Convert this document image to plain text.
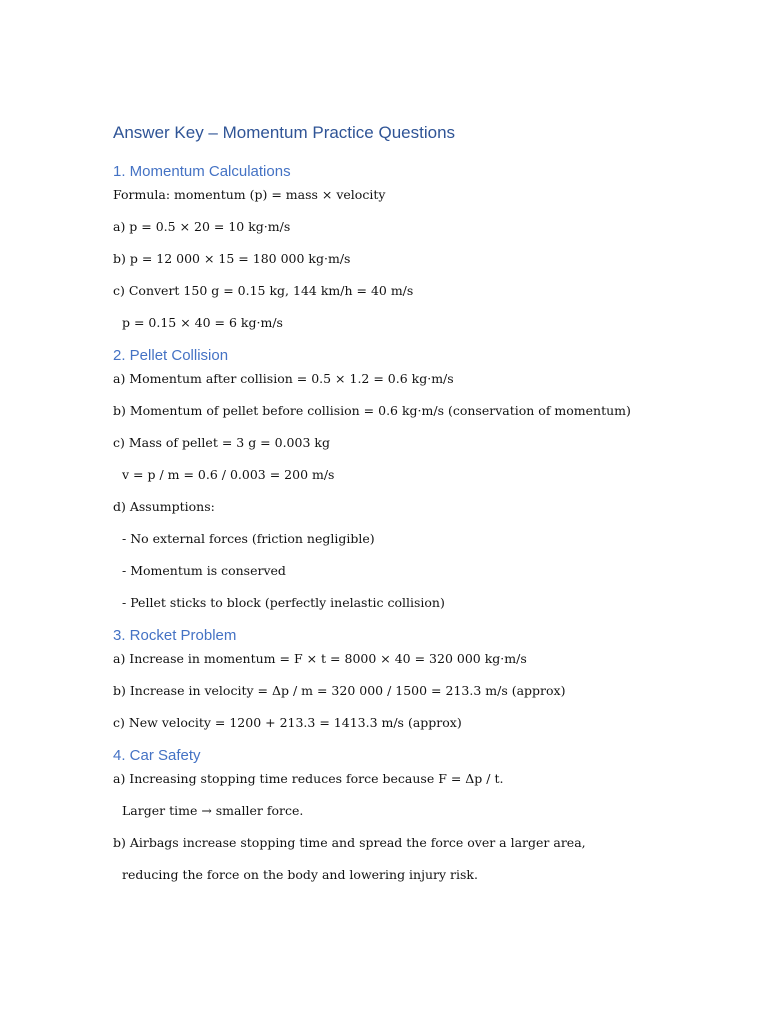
Answer Key – Momentum Practice Questions
1. Momentum Calculations

Formula: momentum (p) = mass × velocity

a) p = 0.5 × 20 = 10 kg·m/s

b) p = 12 000 × 15 = 180 000 kg·m/s

c) Convert 150 g = 0.15 kg, 144 km/h = 40 m/s

p = 0.15 × 40 = 6 kg·m/s

2. Pellet Collision

a) Momentum after collision = 0.5 × 1.2 = 0.6 kg·m/s

b) Momentum of pellet before collision = 0.6 kg·m/s (conservation of momentum)

c) Mass of pellet = 3 g = 0.003 kg

v = p / m = 0.6 / 0.003 = 200 m/s

d) Assumptions:

- No external forces (friction negligible)

- Momentum is conserved

- Pellet sticks to block (perfectly inelastic collision)

3. Rocket Problem

a) Increase in momentum = F × t = 8000 × 40 = 320 000 kg·m/s

b) Increase in velocity = Δp / m = 320 000 / 1500 = 213.3 m/s (approx)

c) New velocity = 1200 + 213.3 = 1413.3 m/s (approx)

4. Car Safety

a) Increasing stopping time reduces force because F = Δp / t.

Larger time → smaller force.

b) Airbags increase stopping time and spread the force over a larger area,

reducing the force on the body and lowering injury risk.
